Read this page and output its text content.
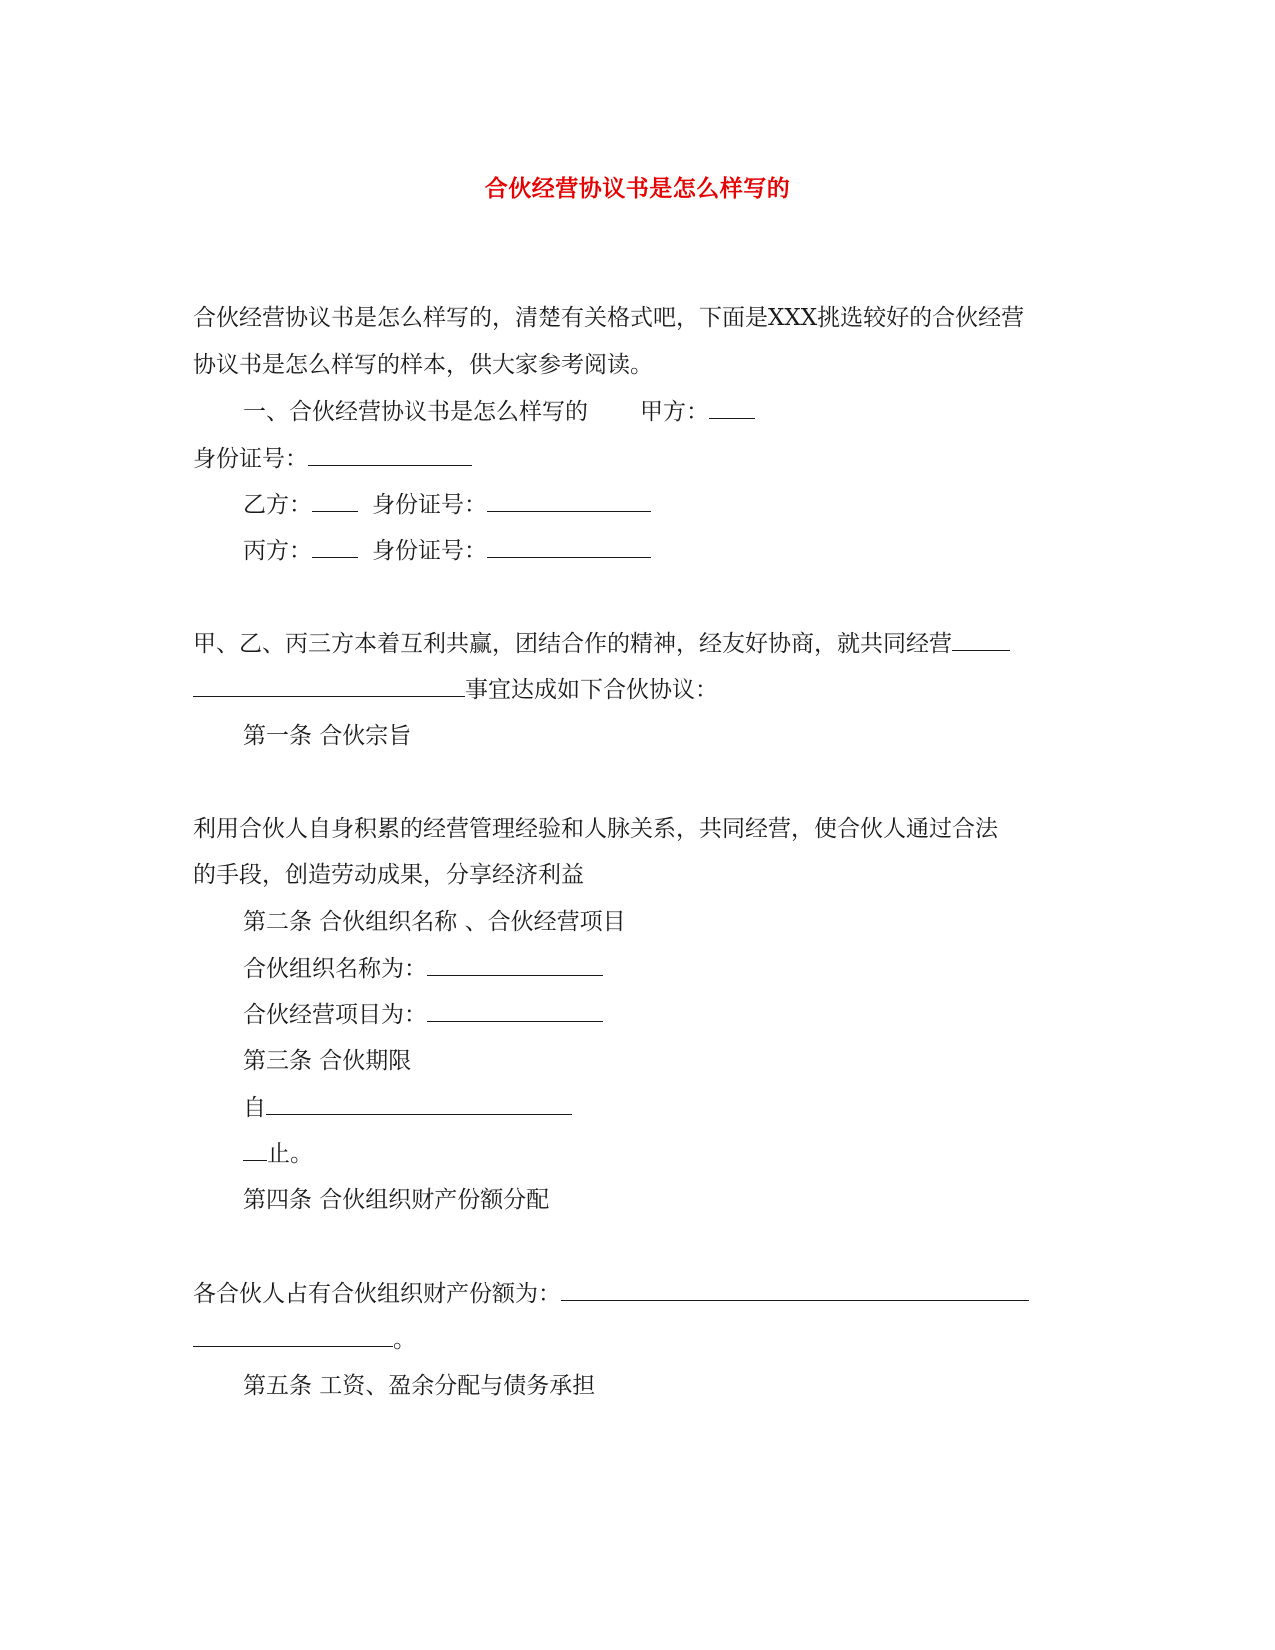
合伙经营协议书是怎么样写的
合伙经营协议书是怎么样写的，清楚有关格式吧，下面是XXX挑选较好的合伙经营
协议书是怎么样写的样本，供大家参考阅读。
一、合伙经营协议书是怎么样写的 甲方：
身份证号：
乙方：	身份证号：
丙方：	身份证号：
甲、乙、丙三方本着互利共赢，团结合作的精神，经友好协商，就共同经营
事宜达成如下合伙协议：
第一条 合伙宗旨
利用合伙人自身积累的经营管理经验和人脉关系，共同经营，使合伙人通过合法
的手段，创造劳动成果，分享经济利益
第二条 合伙组织名称 、合伙经营项目
合伙组织名称为：
合伙经营项目为：
第三条 合伙期限
自
止。
第四条 合伙组织财产份额分配
各合伙人占有合伙组织财产份额为：
。
第五条 工资、盈余分配与债务承担
